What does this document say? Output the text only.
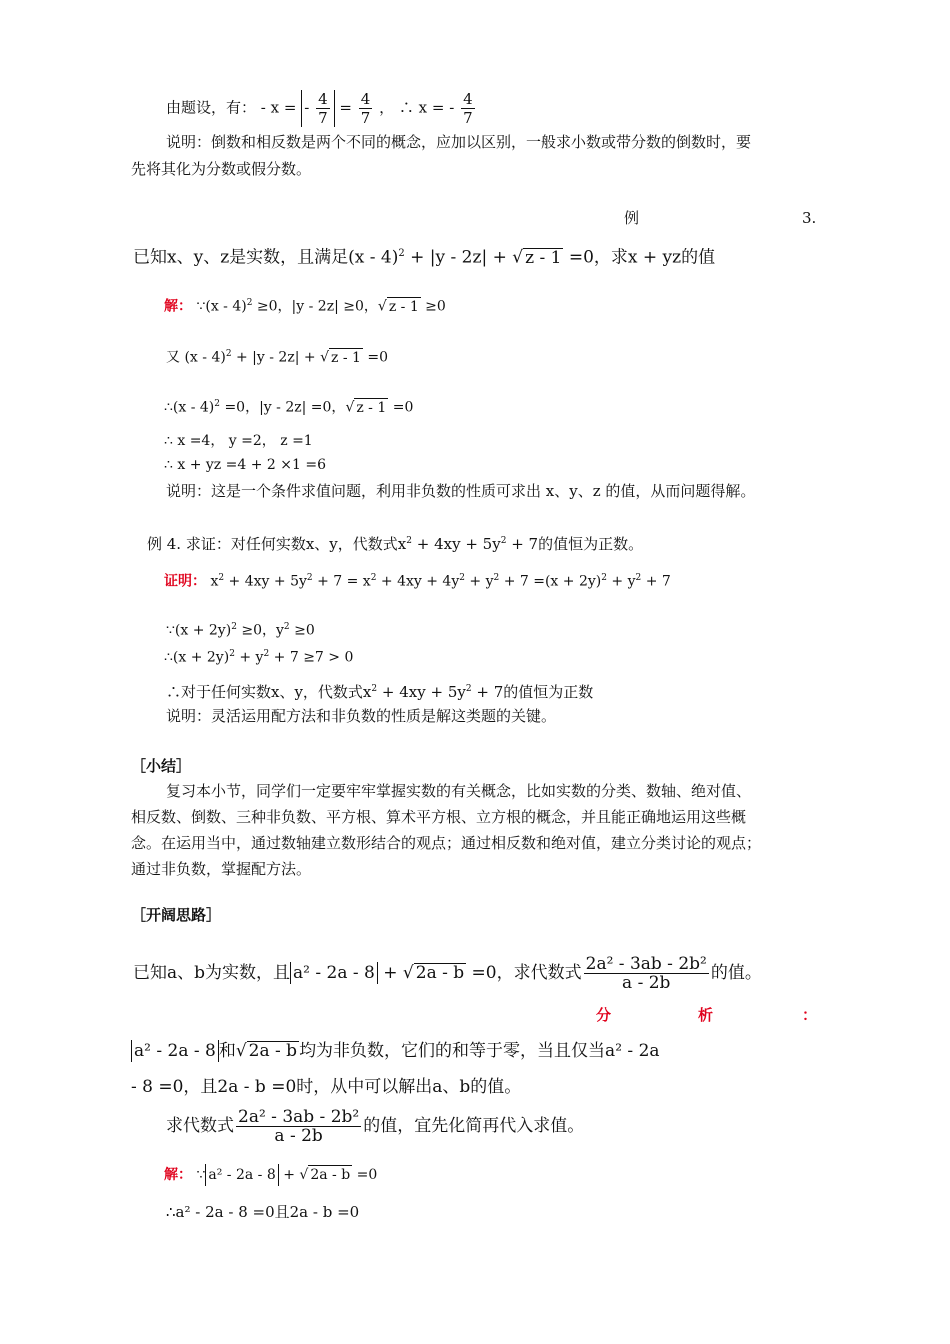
由题设，有： - x = - $\frac{4}{7} = \frac{4}{7}$ ， ∴ x = - $\frac{4}{7}$
说明：倒数和相反数是两个不同的概念，应加以区别，一般求小数或带分数的倒数时，要
先将其化为分数或假分数。
例	3.
已知x、y、z是实数，且满足(x - 4)$^2$ + |y - 2z| + √ z - 1 =0，求x + yz的值
解： ∵(x - 4)$^2$ ≥0，|y - 2z| ≥0，√ z - 1 ≥0
又 (x - 4)$^2$ + |y - 2z| + √ z - 1 =0
∴(x - 4)$^2$ =0，|y - 2z| =0，√ z - 1 =0
∴ x =4， y =2， z =1
∴ x + yz =4 + 2 ×1 =6
说明：这是一个条件求值问题，利用非负数的性质可求出 x、y、z 的值，从而问题得解。
例 4. 求证：对任何实数x、y，代数式$x^2 + 4xy + 5y^2 + 7$的值恒为正数。
证明： $x^2 + 4xy + 5y^2 + 7 = x^2 + 4xy + 4y^2 + y^2 + 7 =(x + 2y)^2 + y^2 + 7$
∵(x + 2y)$^2$ ≥0，$y^2 \ge 0$
∴(x + $2y)^2 + y^2 + 7 \ge 7 > 0$
∴对于任何实数x、y，代数式$x^2 + 4xy + 5y^2 + 7$的值恒为正数
说明：灵活运用配方法和非负数的性质是解这类题的关键。
［小结］
复习本小节，同学们一定要牢牢掌握实数的有关概念，比如实数的分类、数轴、绝对值、
相反数、倒数、三种非负数、平方根、算术平方根、立方根的概念，并且能正确地运用这些概
念。在运用当中，通过数轴建立数形结合的观点；通过相反数和绝对值，建立分类讨论的观点；
通过非负数，掌握配方法。
［开阔思路］
已知a、b为实数，且 a² - 2a - 8 + √ 2a - b =0，求代数式 $\frac{\text{2a² - 3ab - 2b²}}{a - 2b}$ 的值。
分	析	：
a² - 2a - 8 和√ 2a - b 均为非负数，它们的和等于零，当且仅当a² - 2a
- 8 =0，且2a - b =0时，从中可以解出a、b的值。
求代数式 $\frac{\text{2a² - 3ab - 2b²}}{a - 2b}$ 的值，宜先化简再代入求值。
解： ∵ a² - 2a - 8 + √ 2a - b =0
∴a² - 2a - 8 =0且2a - b =0
